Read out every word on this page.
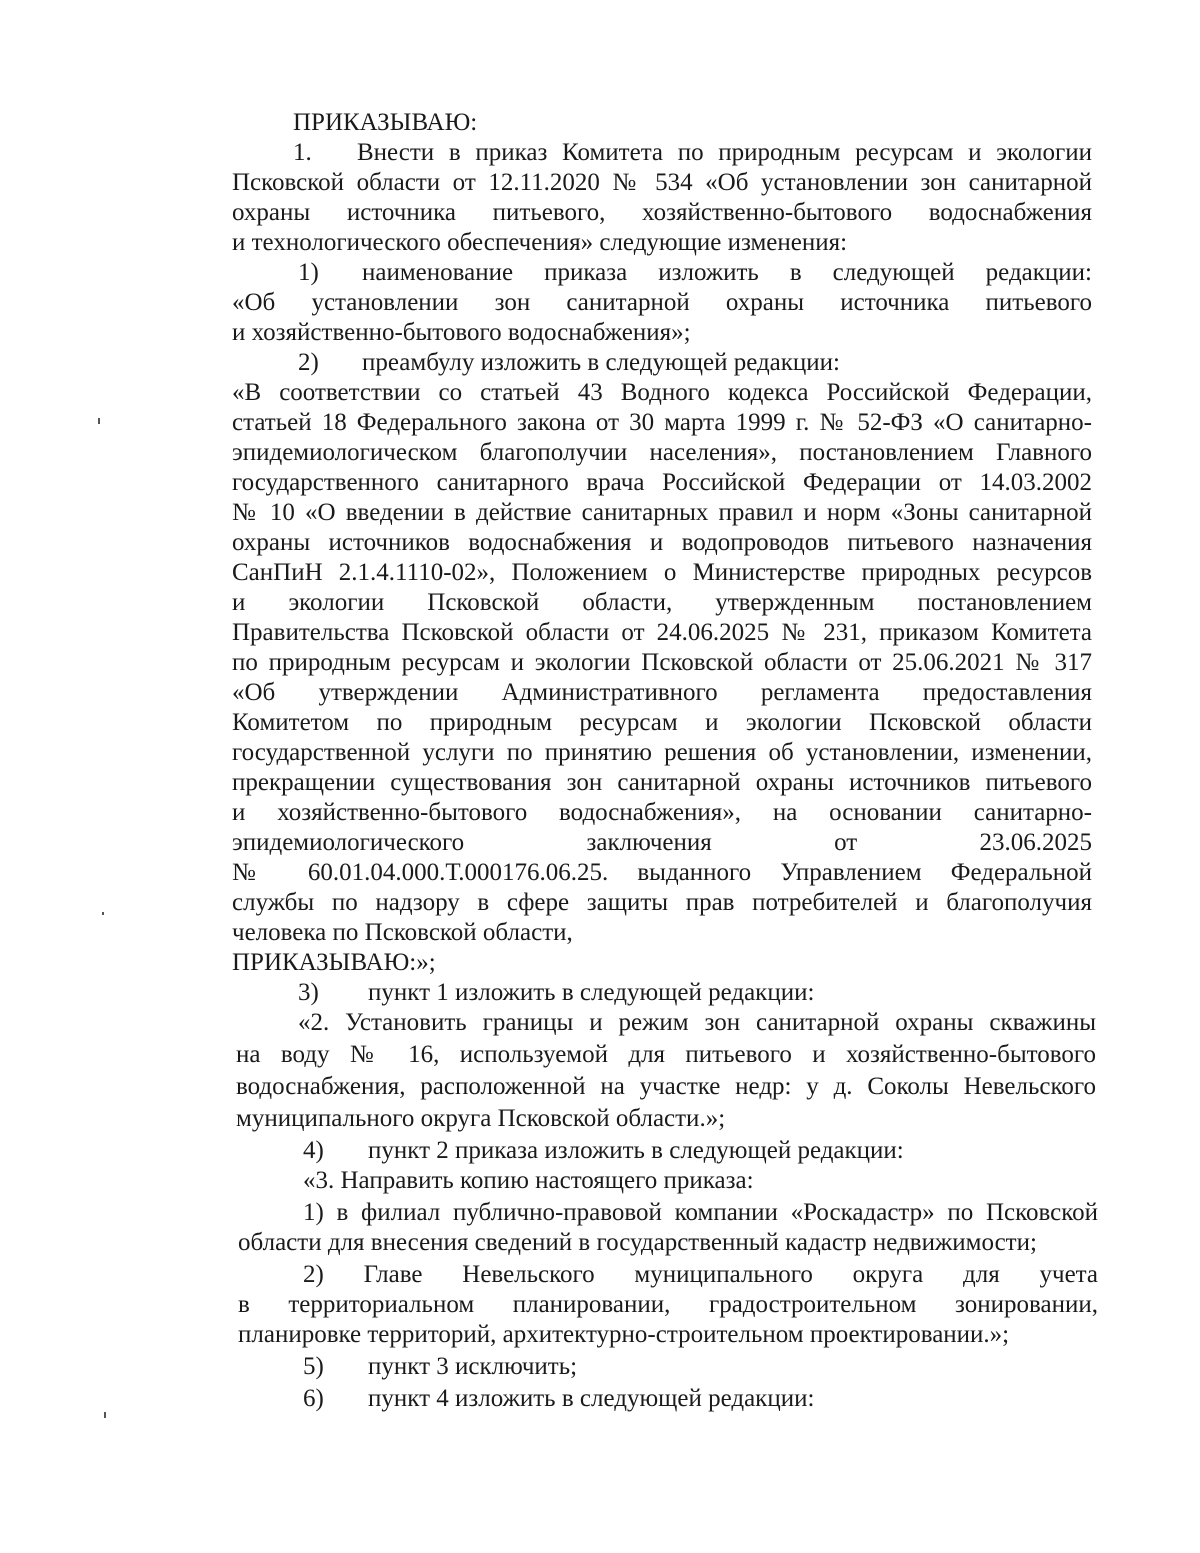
ПРИКАЗЫВАЮ:
1. Внести в приказ Комитета по природным ресурсам и экологии
Псковской области от 12.11.2020 № 534 «Об установлении зон санитарной
охраны источника питьевого, хозяйственно-бытового водоснабжения
и технологического обеспечения» следующие изменения:
1) наименование приказа изложить в следующей редакции:
«Об установлении зон санитарной охраны источника питьевого
и хозяйственно-бытового водоснабжения»;
2) преамбулу изложить в следующей редакции:
«В соответствии со статьей 43 Водного кодекса Российской Федерации,
статьей 18 Федерального закона от 30 марта 1999 г. № 52-ФЗ «О санитарно-
эпидемиологическом благополучии населения», постановлением Главного
государственного санитарного врача Российской Федерации от 14.03.2002
№ 10 «О введении в действие санитарных правил и норм «Зоны санитарной
охраны источников водоснабжения и водопроводов питьевого назначения
СанПиН 2.1.4.1110-02», Положением о Министерстве природных ресурсов
и экологии Псковской области, утвержденным постановлением
Правительства Псковской области от 24.06.2025 № 231, приказом Комитета
по природным ресурсам и экологии Псковской области от 25.06.2021 № 317
«Об утверждении Административного регламента предоставления
Комитетом по природным ресурсам и экологии Псковской области
государственной услуги по принятию решения об установлении, изменении,
прекращении существования зон санитарной охраны источников питьевого
и хозяйственно-бытового водоснабжения», на основании санитарно-
эпидемиологического заключения от 23.06.2025
№ 60.01.04.000.Т.000176.06.25. выданного Управлением Федеральной
службы по надзору в сфере защиты прав потребителей и благополучия
человека по Псковской области,
ПРИКАЗЫВАЮ:»;
3) пункт 1 изложить в следующей редакции:
«2. Установить границы и режим зон санитарной охраны скважины
на воду № 16, используемой для питьевого и хозяйственно-бытового
водоснабжения, расположенной на участке недр: у д. Соколы Невельского
муниципального округа Псковской области.»;
4) пункт 2 приказа изложить в следующей редакции:
«3. Направить копию настоящего приказа:
1) в филиал публично-правовой компании «Роскадастр» по Псковской
области для внесения сведений в государственный кадастр недвижимости;
2) Главе Невельского муниципального округа для учета
в территориальном планировании, градостроительном зонировании,
планировке территорий, архитектурно-строительном проектировании.»;
5) пункт 3 исключить;
6) пункт 4 изложить в следующей редакции:
